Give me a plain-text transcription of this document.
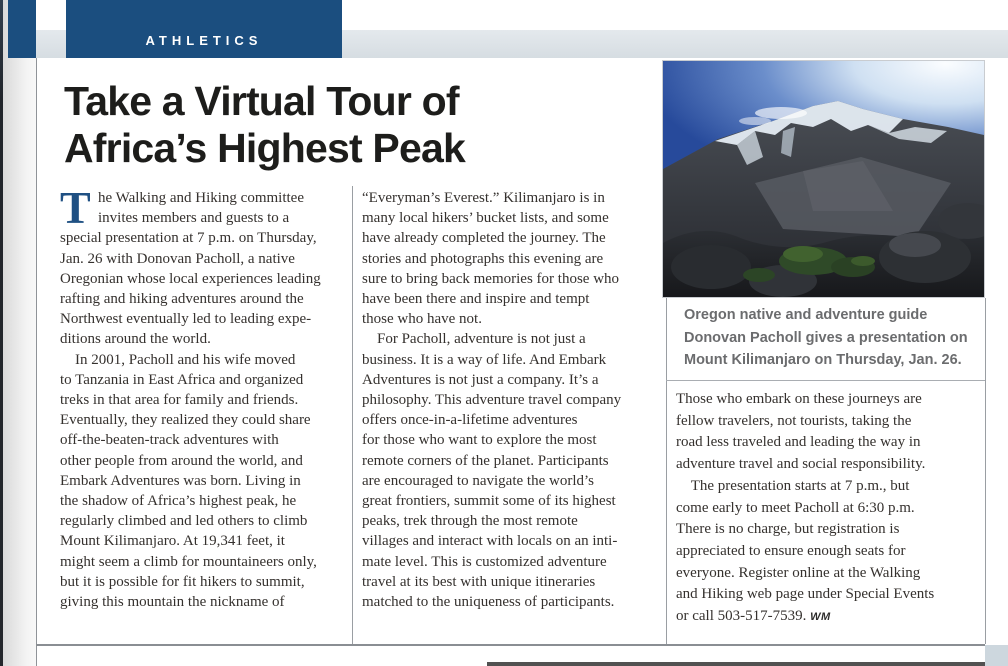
ATHLETICS
Take a Virtual Tour of
Africa’s Highest Peak
T he Walking and Hiking committee
invites members and guests to a
special presentation at 7 p.m. on Thursday,
Jan. 26 with Donovan Pacholl, a native
Oregonian whose local experiences leading
rafting and hiking adventures around the
Northwest eventually led to leading expe-
ditions around the world.
In 2001, Pacholl and his wife moved
to Tanzania in East Africa and organized
treks in that area for family and friends.
Eventually, they realized they could share
off-the-beaten-track adventures with
other people from around the world, and
Embark Adventures was born. Living in
the shadow of Africa’s highest peak, he
regularly climbed and led others to climb
Mount Kilimanjaro. At 19,341 feet, it
might seem a climb for mountaineers only,
but it is possible for fit hikers to summit,
giving this mountain the nickname of
“Everyman’s Everest.” Kilimanjaro is in
many local hikers’ bucket lists, and some
have already completed the journey. The
stories and photographs this evening are
sure to bring back memories for those who
have been there and inspire and tempt
those who have not.
For Pacholl, adventure is not just a
business. It is a way of life. And Embark
Adventures is not just a company. It’s a
philosophy. This adventure travel company
offers once-in-a-lifetime adventures
for those who want to explore the most
remote corners of the planet. Participants
are encouraged to navigate the world’s
great frontiers, summit some of its highest
peaks, trek through the most remote
villages and interact with locals on an inti-
mate level. This is customized adventure
travel at its best with unique itineraries
matched to the uniqueness of participants.
Oregon native and adventure guide
Donovan Pacholl gives a presentation on
Mount Kilimanjaro on Thursday, Jan. 26.
Those who embark on these journeys are
fellow travelers, not tourists, taking the
road less traveled and leading the way in
adventure travel and social responsibility.
The presentation starts at 7 p.m., but
come early to meet Pacholl at 6:30 p.m.
There is no charge, but registration is
appreciated to ensure enough seats for
everyone. Register online at the Walking
and Hiking web page under Special Events
or call 503-517-7539. WM
